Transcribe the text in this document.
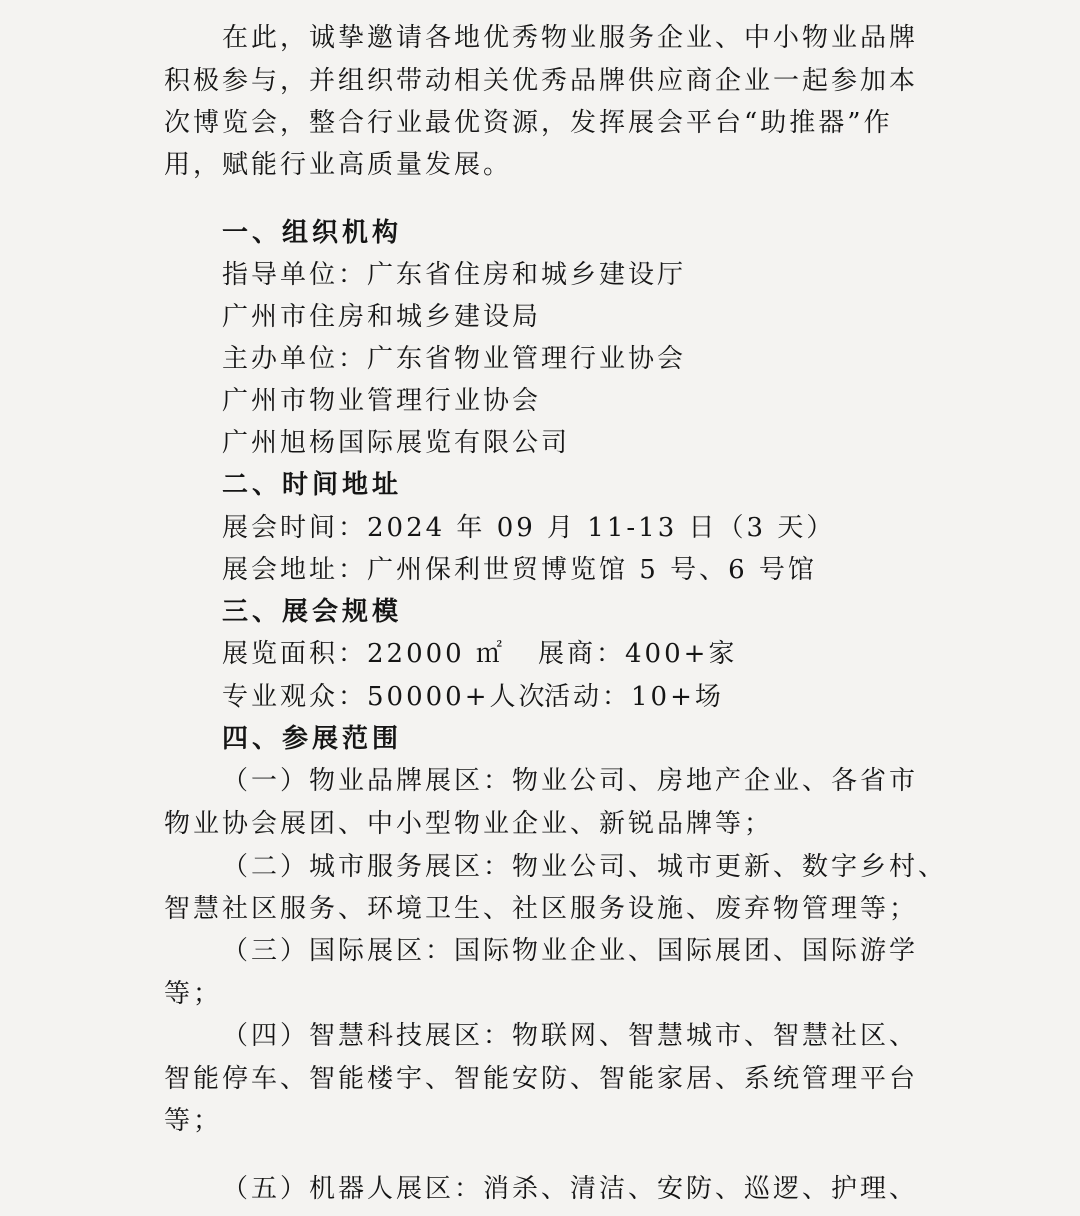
在此，诚挚邀请各地优秀物业服务企业、中小物业品牌

积极参与，并组织带动相关优秀品牌供应商企业一起参加本

次博览会，整合行业最优资源，发挥展会平台“助推器”作

用，赋能行业高质量发展。

一、组织机构

指导单位：广东省住房和城乡建设厅

广州市住房和城乡建设局

主办单位：广东省物业管理行业协会

广州市物业管理行业协会

广州旭杨国际展览有限公司

二、时间地址

展会时间：2024 年 09 月 11-13 日（3 天）

展会地址：广州保利世贸博览馆 5 号、6 号馆

三、展会规模

展览面积：22000 ㎡ 展商：400+家

专业观众：50000+人次

活动：10+场

四、参展范围

（一）物业品牌展区：物业公司、房地产企业、各省市

物业协会展团、中小型物业企业、新锐品牌等；

（二）城市服务展区：物业公司、城市更新、数字乡村、

智慧社区服务、环境卫生、社区服务设施、废弃物管理等；

（三）国际展区：国际物业企业、国际展团、国际游学

等；

（四）智慧科技展区：物联网、智慧城市、智慧社区、

智能停车、智能楼宇、智能安防、智能家居、系统管理平台

等；

（五）机器人展区：消杀、清洁、安防、巡逻、护理、
